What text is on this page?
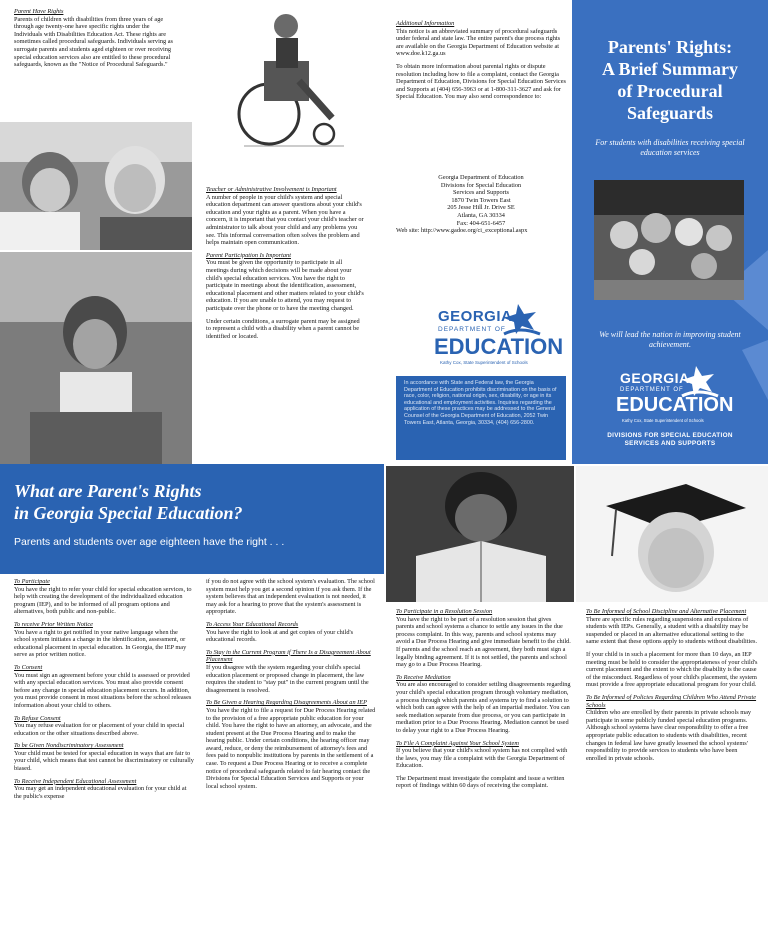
Parent Have Rights

Parents of children with disabilities from three years of age through age twenty-one have specific rights under the Individuals with Disabilities Education Act. These rights are sometimes called procedural safeguards. Individuals serving as surrogate parents and students aged eighteen or over receiving special education services also are entitled to these procedural safeguards, known as the "Notice of Procedural Safeguards."

Teacher or Administrative Involvement is Important

A number of people in your child's system and special education department can answer questions about your child's education and your rights as a parent. When you have a concern, it is important that you contact your child's teacher or administrator to talk about your child and any problems you see. This informal conversation often solves the problem and helps maintain open communication.

Parent Participation Is Important

You must be given the opportunity to participate in all meetings during which decisions will be made about your child's special education services. You have the right to participate in meetings about the identification, assessment, educational placement and other matters related to your child's education. If you are unable to attend, you may request to participate over the phone or to have the meeting changed.

Under certain conditions, a surrogate parent may be assigned to represent a child with a disability when a parent cannot be identified or located.

Additional Information

This notice is an abbreviated summary of procedural safeguards under federal and state law. The entire parent's due process rights are available on the Georgia Department of Education website at www.doe.k12.ga.us

To obtain more information about parental rights or dispute resolution including how to file a complaint, contact the Georgia Department of Education, Divisions for Special Education Services and Supports at (404) 656-3963 or at 1-800-311-3627 and ask for Special Education. You may also send correspondence to:

Georgia Department of Education
Divisions for Special Education
Services and Supports
1870 Twin Towers East
205 Jesse Hill Jr. Drive SE
Atlanta, GA 30334
Fax: 404-651-6457
Web site: http://www.gadoe.org/ci_exceptional.aspx
GEORGIA
DEPARTMENT OF
EDUCATION
Kathy Cox, State Superintendent of Schools

In accordance with State and Federal law, the Georgia Department of Education prohibits discrimination on the basis of race, color, religion, national origin, sex, disability, or age in its educational and employment activities. Inquiries regarding the application of these practices may be addressed to the General Counsel of the Georgia Department of Education, 2052 Twin Towers East, Atlanta, Georgia, 30334, (404) 656-2800.

Parents' Rights:
A Brief Summary
of Procedural
Safeguards
For students with disabilities receiving special education services
We will lead the nation in improving student achievement.
GEORGIA
DEPARTMENT OF
EDUCATION
Kathy Cox, State Superintendent of Schools
DIVISIONS FOR SPECIAL EDUCATION
SERVICES AND SUPPORTS
What are Parent's Rights
in Georgia Special Education?
Parents and students over age eighteen have the right . . .
To Participate

You have the right to refer your child for special education services, to help with creating the development of the individualized education program (IEP), and to be informed of all program options and alternatives, both public and non-public.

To receive Prior Written Notice

You have a right to get notified in your native language when the school system initiates a change in the identification, assessment, or educational placement in special education. In Georgia, the IEP may serve as prior written notice.

To Consent

You must sign an agreement before your child is assessed or provided with any special education services. You must also provide consent before any change in special education placement occurs. In addition, you must provide consent in most situations before the school releases information about your child to others.

To Refuse Consent

You may refuse evaluation for or placement of your child in special education or the other situations described above.

To be Given Nondiscriminatory Assessment

Your child must be tested for special education in ways that are fair to your child, which means that test cannot be discriminatory or culturally biased.

To Receive Independent Educational Assessment

You may get an independent educational evaluation for your child at the public's expense

if you do not agree with the school system's evaluation. The school system must help you get a second opinion if you ask them. If the system believes that an independent evaluation is not needed, it may ask for a hearing to prove that the system's assessment is appropriate.

To Access Your Educational Records

You have the right to look at and get copies of your child's educational records.

To Stay in the Current Program if There Is a Disagreement About Placement

If you disagree with the system regarding your child's special education placement or proposed change in placement, the law requires the student to "stay put" in the current program until the disagreement is resolved.

To Be Given a Hearing Regarding Disagreements About an IEP

You have the right to file a request for Due Process Hearing related to the provision of a free appropriate public education for your child. You have the right to have an attorney, an advocate, and the student present at the Due Process Hearing and to make the hearing public. Under certain conditions, the hearing officer may award, reduce, or deny the reimbursement of attorney's fees and fees paid to nonpublic institutions by parents in the settlement of a case. To request a Due Process Hearing or to receive a complete notice of procedural safeguards related to fair hearing contact the Divisions for Special Education Services and Supports or your local school system.

To Participate in a Resolution Session

You have the right to be part of a resolution session that gives parents and school systems a chance to settle any issues in the due process complaint. In this way, parents and school systems may avoid a Due Process Hearing and give immediate benefit to the child. If parents and the school reach an agreement, they both must sign a legally binding agreement. If it is not settled, the parents and school may go to a Due Process Hearing.

To Receive Mediation

You are also encouraged to consider settling disagreements regarding your child's special education program through voluntary mediation, a process through which parents and systems try to find a solution to which both can agree with the help of an impartial mediator. You can seek mediation separate from due process, or you can participate in mediation prior to a Due Process Hearing. Mediation cannot be used to delay your right to a Due Process Hearing.

To File A Complaint Against Your School System

If you believe that your child's school system has not complied with the laws, you may file a complaint with the Georgia Department of Education.

The Department must investigate the complaint and issue a written report of findings within 60 days of receiving the complaint.

To Be Informed of School Discipline and Alternative Placement

There are specific rules regarding suspensions and expulsions of students with IEPs. Generally, a student with a disability may be suspended or placed in an alternative educational setting to the same extent that these options apply to students without disabilities.

If your child is in such a placement for more than 10 days, an IEP meeting must be held to consider the appropriateness of your child's current placement and the extent to which the disability is the cause of the misconduct. Regardless of your child's placement, the system must provide a free appropriate educational program for your child.

To Be Informed of Policies Regarding Children Who Attend Private Schools

Children who are enrolled by their parents in private schools may participate in some publicly funded special education programs. Although school systems have clear responsibility to offer a free appropriate public education to students with disabilities, recent changes in federal law have greatly lessened the school systems' responsibility to provide services to students who have been enrolled in private schools.
